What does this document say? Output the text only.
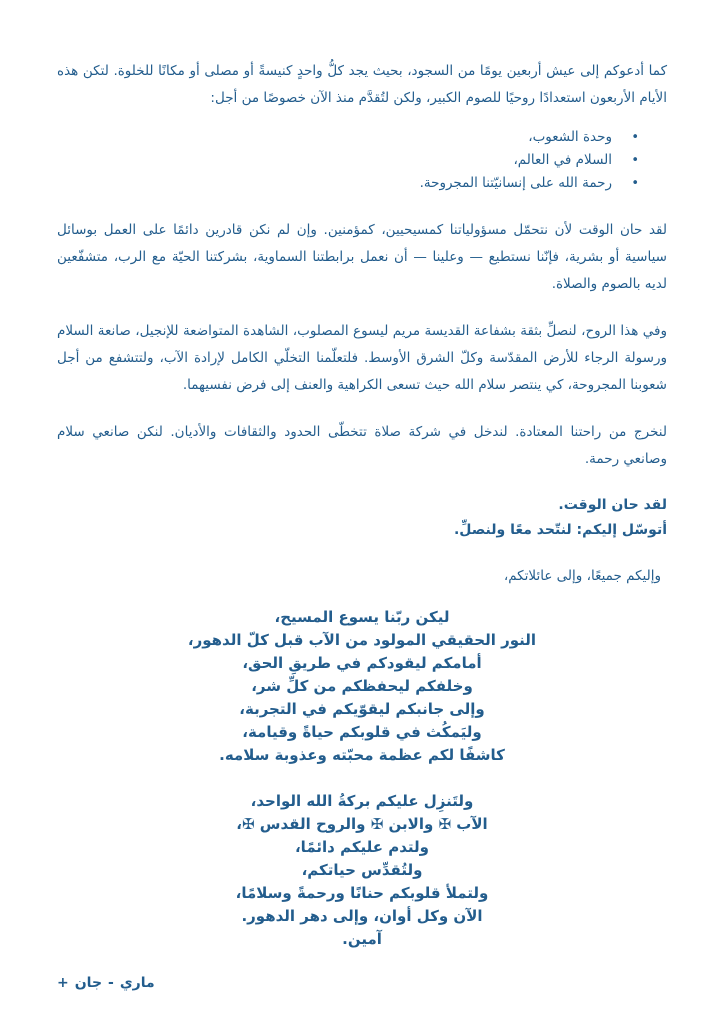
كما أدعوكم إلى عيش أربعين يومًا من السجود، بحيث يجد كلُّ واحدٍ كنيسةً أو مصلى أو مكانًا للخلوة. لتكن هذه الأيام الأربعون استعدادًا روحيًا للصوم الكبير، ولكن لتُقدَّم منذ الآن خصوصًا من أجل:

• وحدة الشعوب،
• السلام في العالم،
• رحمة الله على إنسانيّتنا المجروحة.

لقد حان الوقت لأن نتحمّل مسؤولياتنا كمسيحيين، كمؤمنين. وإن لم نكن قادرين دائمًا على العمل بوسائل سياسية أو بشرية، فإنّنا نستطيع — وعلينا — أن نعمل برابطتنا السماوية، بشركتنا الحيّة مع الرب، متشفّعين لديه بالصوم والصلاة.

وفي هذا الروح، لنصلِّ بثقة بشفاعة القديسة مريم ليسوع المصلوب، الشاهدة المتواضعة للإنجيل، صانعة السلام ورسولة الرجاء للأرض المقدّسة وكلّ الشرق الأوسط. فلتعلّمنا التخلّي الكامل لإرادة الآب، ولتتشفع من أجل شعوبنا المجروحة، كي ينتصر سلام الله حيث تسعى الكراهية والعنف إلى فرض نفسيهما.

لنخرج من راحتنا المعتادة. لندخل في شركة صلاة تتخطّى الحدود والثقافات والأديان. لنكن صانعي سلام وصانعي رحمة.

لقد حان الوقت.
أتوسّل إليكم: لنتّحد معًا ولنصلِّ.

وإليكم جميعًا، وإلى عائلاتكم،

ليكن ربّنا يسوع المسيح،
النور الحقيقي المولود من الآب قبل كلّ الدهور،
أمامكم ليقودكم في طريقِ الحق،
وخلفكم ليحفظكم من كلِّ شر،
وإلى جانبكم ليقوّيكم في التجربة،
وليَمكُث في قلوبكم حياةً وقيامة،
كاشفًا لكم عظمة محبّته وعذوبة سلامه.
ولتَنزِل عليكم بركةُ الله الواحد،
الآب ✠ والابن ✠ والروح القدس ✠،
ولتدم عليكم دائمًا،
ولتُقدِّس حياتكم،
ولتملأ قلوبكم حنانًا ورحمةً وسلامًا،
الآن وكل أوان، وإلى دهر الدهور.
آمين.
+ جان - ماري
